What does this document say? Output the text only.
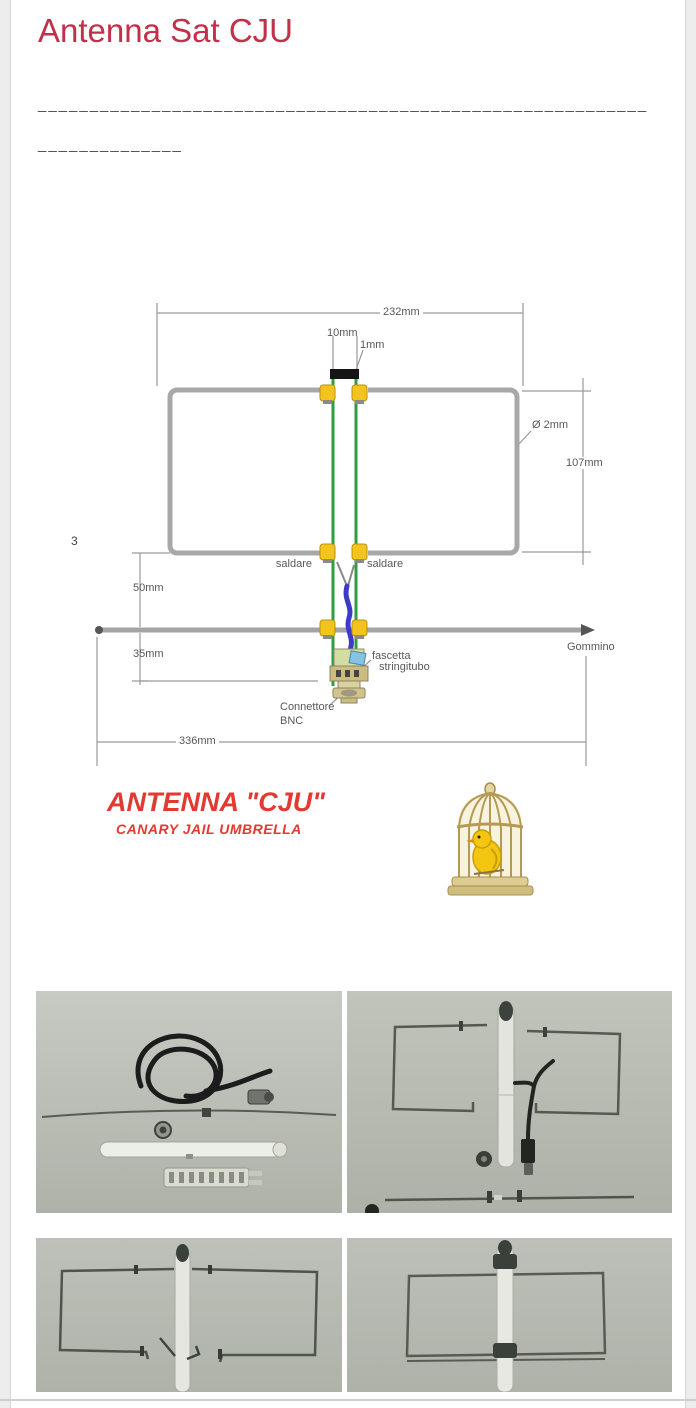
Antenna Sat CJU
___________________________________________________________
______________
232mm
10mm
1mm
Ø 2mm
107mm
saldare	saldare
50mm
35mm
Gommino
fascetta
stringitubo
Connettore
BNC
336mm
3
ANTENNA "CJU"
CANARY JAIL UMBRELLA
